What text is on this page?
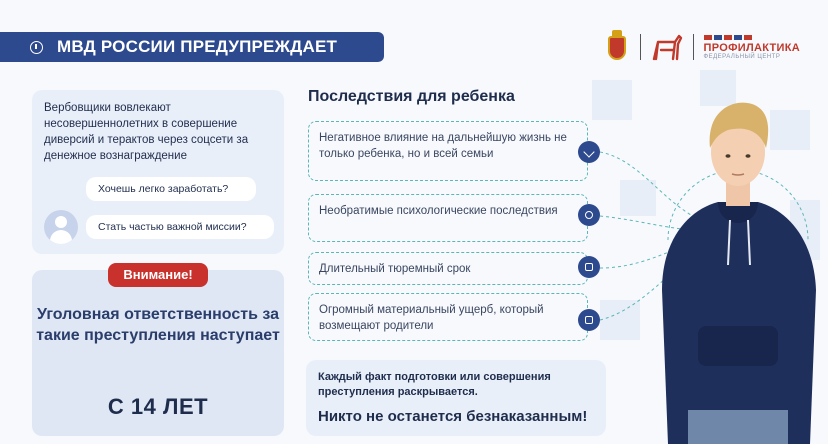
МВД РОССИИ ПРЕДУПРЕЖДАЕТ	ПРОФИЛАКТИКА
ФЕДЕРАЛЬНЫЙ ЦЕНТР
Вербовщики вовлекают несовершеннолетних в совершение диверсий и терактов через соцсети за денежное вознаграждение
Хочешь легко заработать?
Стать частью важной миссии?
Внимание!
Уголовная ответственность за такие преступления наступает
С 14 ЛЕТ
Последствия для ребенка
Негативное влияние на дальнейшую жизнь не только ребенка, но и всей семьи
Необратимые психологические последствия
Длительный тюремный срок
Огромный материальный ущерб, который возмещают родители
Каждый факт подготовки или совершения преступления раскрывается.
Никто не останется безнаказанным!
